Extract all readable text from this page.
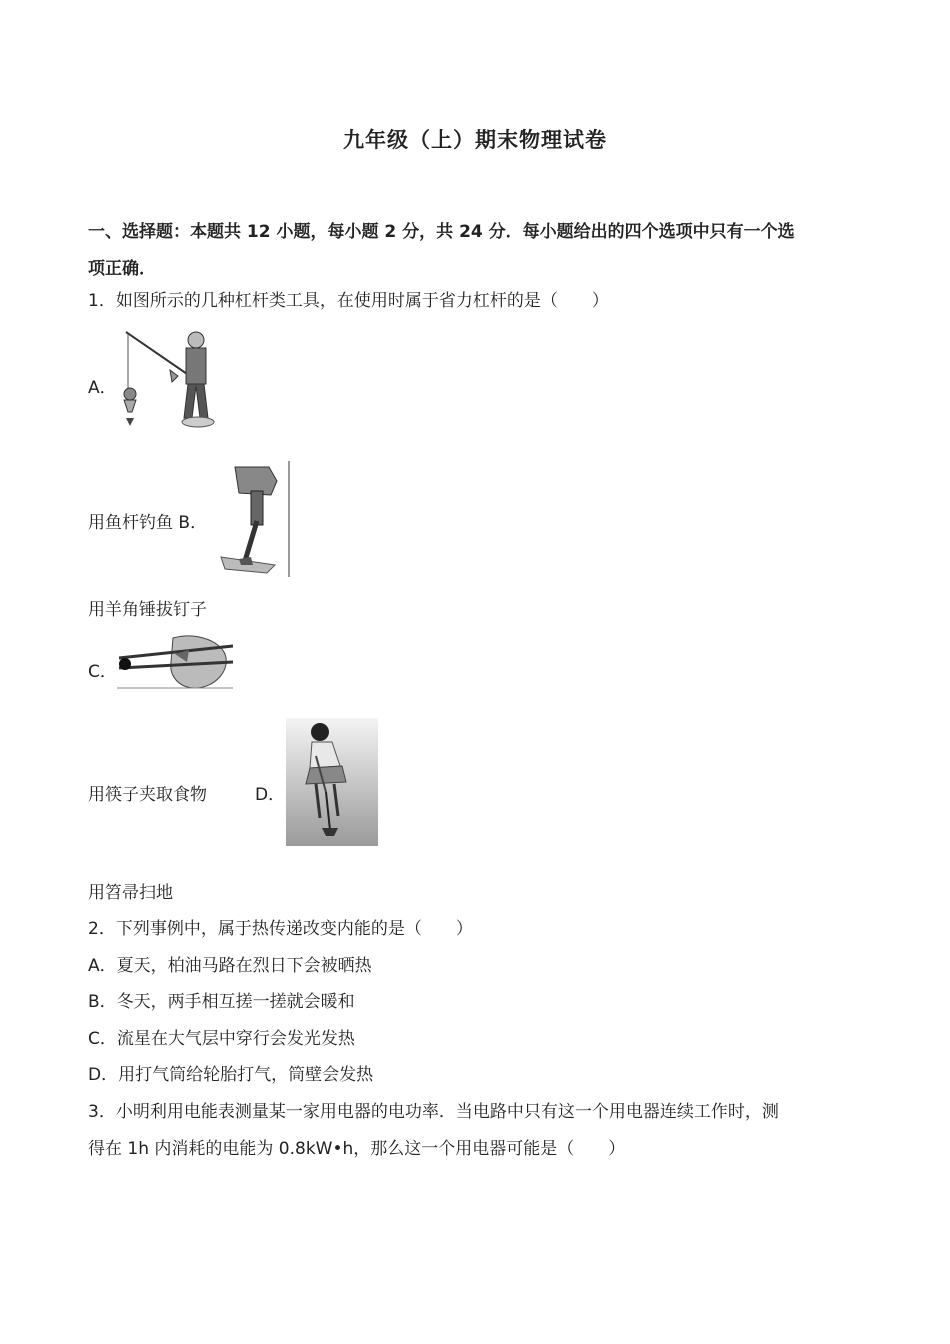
九年级（上）期末物理试卷
一、选择题：本题共 12 小题，每小题 2 分，共 24 分．每小题给出的四个选项中只有一个选
项正确．
1．如图所示的几种杠杆类工具，在使用时属于省力杠杆的是（　　）
A．
用鱼杆钓鱼 B．
用羊角锤拔钉子
C．
用筷子夹取食物	D．
用笤帚扫地
2．下列事例中，属于热传递改变内能的是（　　）
A．夏天，柏油马路在烈日下会被晒热
B．冬天，两手相互搓一搓就会暖和
C．流星在大气层中穿行会发光发热
D．用打气筒给轮胎打气，筒壁会发热
3．小明利用电能表测量某一家用电器的电功率．当电路中只有这一个用电器连续工作时，测
得在 1h 内消耗的电能为 0.8kW•h，那么这一个用电器可能是（　　）
